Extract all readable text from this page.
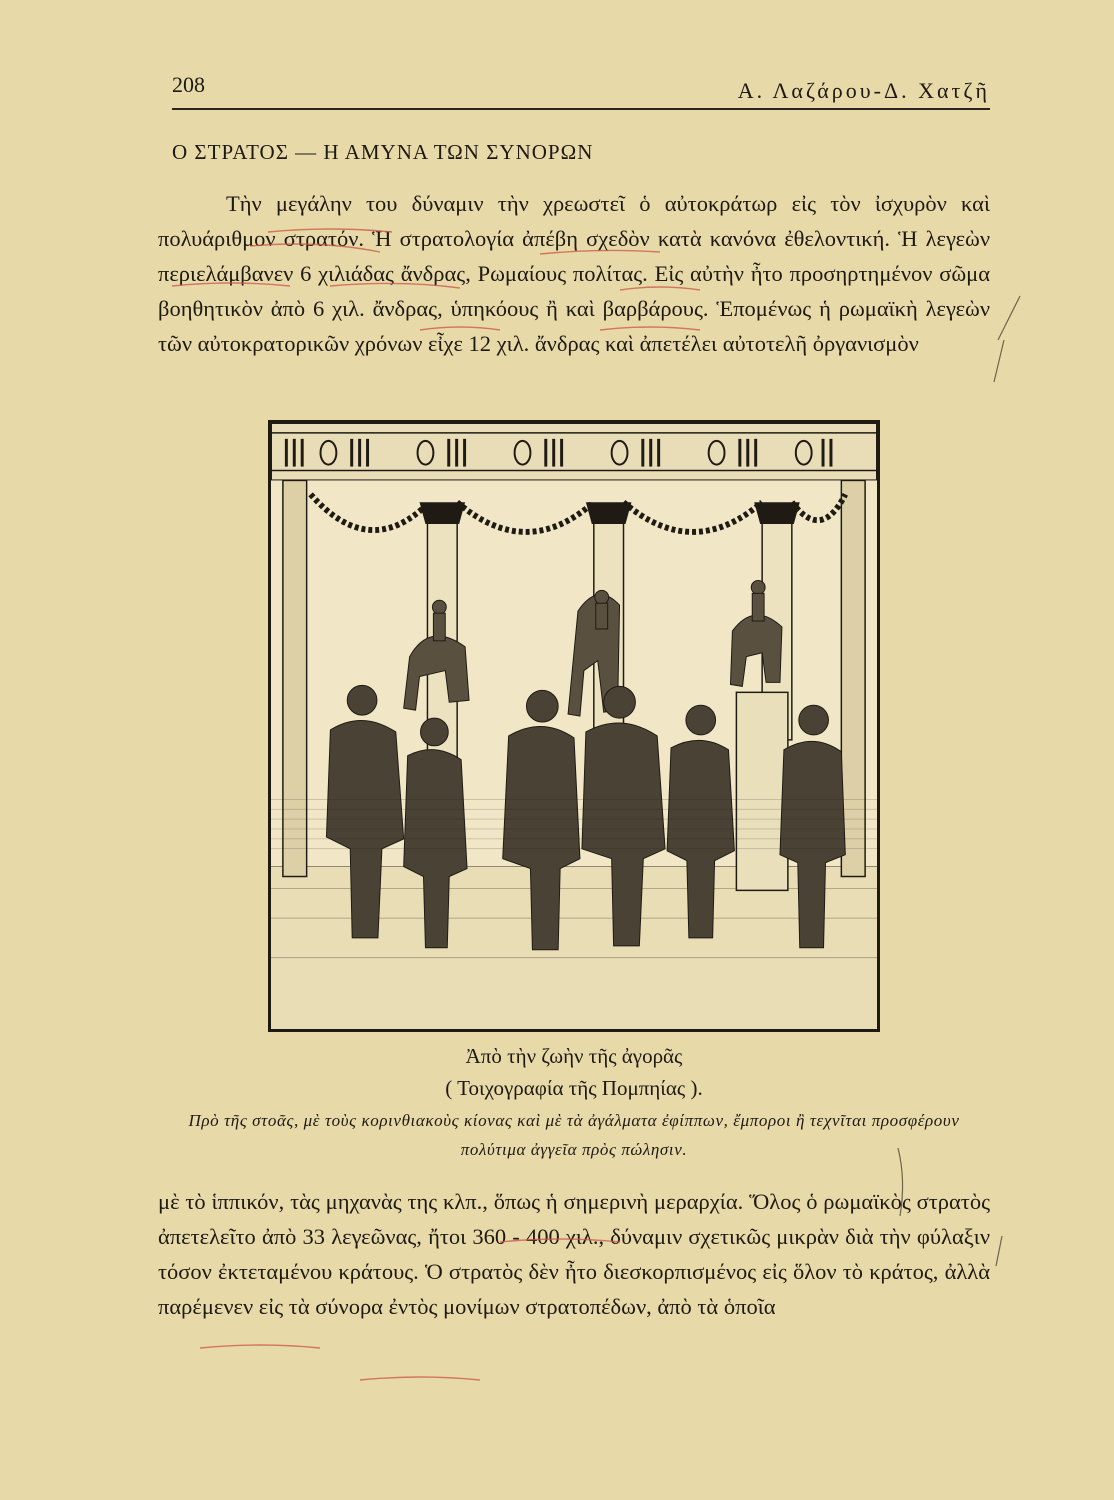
208	Α. Λαζάρου-Δ. Χατζῆ
Ο ΣΤΡΑΤΟΣ — Η ΑΜΥΝΑ ΤΩΝ ΣΥΝΟΡΩΝ

Τὴν μεγάλην του δύναμιν τὴν χρεωστεῖ ὁ αὐτοκράτωρ εἰς τὸν ἰσχυρὸν καὶ πολυάριθμον στρατόν. Ἡ στρατολογία ἀπέβη σχεδὸν κατὰ κανόνα ἐθελοντική. Ἡ λεγεὼν περιελάμβανεν 6 χιλιάδας ἄνδρας, Ρωμαίους πολίτας. Εἰς αὐτὴν ἦτο προσηρτημένον σῶμα βοηθητικὸν ἀπὸ 6 χιλ. ἄνδρας, ὑπηκόους ἢ καὶ βαρβάρους. Ἑπομένως ἡ ρωμαϊκὴ λεγεὼν τῶν αὐτοκρατορικῶν χρόνων εἶχε 12 χιλ. ἄνδρας καὶ ἀπετέλει αὐτοτελῆ ὀργανισμὸν

Ἀπὸ τὴν ζωὴν τῆς ἀγορᾶς
( Τοιχογραφία τῆς Πομπηίας ).
Πρὸ τῆς στοᾶς, μὲ τοὺς κορινθιακοὺς κίονας καὶ μὲ τὰ ἀγάλματα ἐφίππων, ἔμποροι ἢ τεχνῖται προσφέρουν πολύτιμα ἀγγεῖα πρὸς πώλησιν.

μὲ τὸ ἱππικόν, τὰς μηχανὰς της κλπ., ὅπως ἡ σημερινὴ μεραρχία. Ὅλος ὁ ρωμαϊκὸς στρατὸς ἀπετελεῖτο ἀπὸ 33 λεγεῶνας, ἤτοι 360 - 400 χιλ., δύναμιν σχετικῶς μικρὰν διὰ τὴν φύλαξιν τόσον ἐκτεταμένου κράτους. Ὁ στρατὸς δὲν ἦτο διεσκορπισμένος εἰς ὅλον τὸ κράτος, ἀλλὰ παρέμενεν εἰς τὰ σύνορα ἐντὸς μονίμων στρατοπέδων, ἀπὸ τὰ ὁποῖα
